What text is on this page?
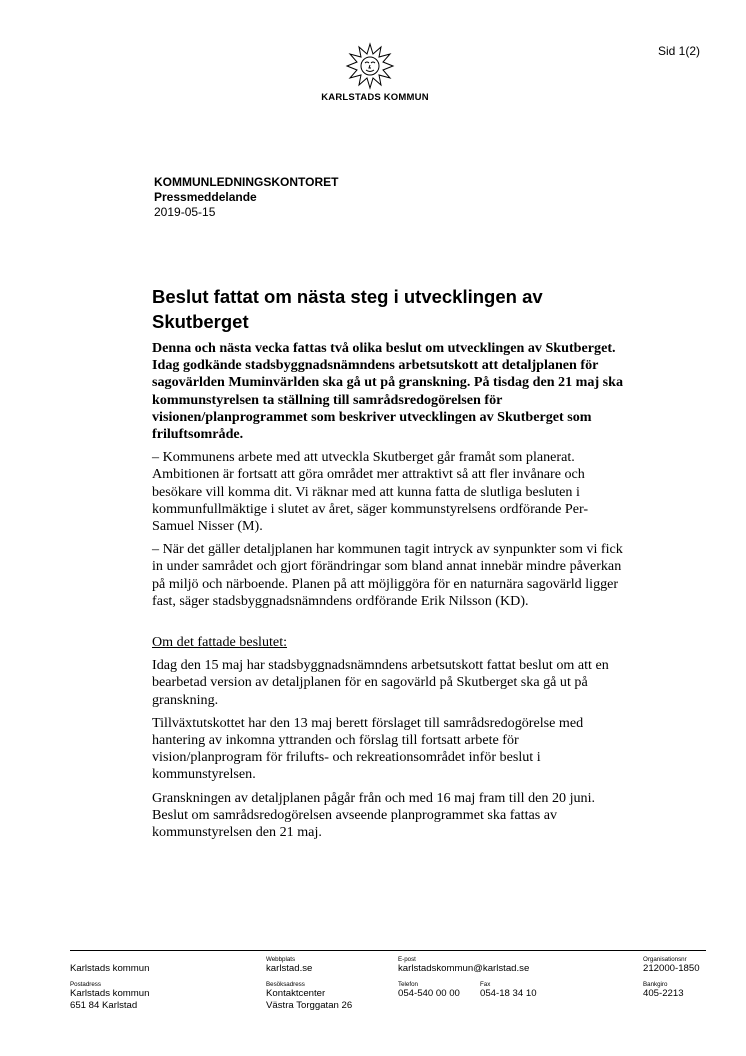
Sid 1(2)
KARLSTADS KOMMUN
KOMMUNLEDNINGSKONTORET
Pressmeddelande
2019-05-15
Beslut fattat om nästa steg i utvecklingen av Skutberget

Denna och nästa vecka fattas två olika beslut om utvecklingen av Skutberget. Idag godkände stadsbyggnadsnämndens arbetsutskott att detaljplanen för sagovärlden Muminvärlden ska gå ut på granskning. På tisdag den 21 maj ska kommunstyrelsen ta ställning till samrådsredogörelsen för visionen/planprogrammet som beskriver utvecklingen av Skutberget som friluftsområde.

– Kommunens arbete med att utveckla Skutberget går framåt som planerat. Ambitionen är fortsatt att göra området mer attraktivt så att fler invånare och besökare vill komma dit. Vi räknar med att kunna fatta de slutliga besluten i kommunfullmäktige i slutet av året, säger kommunstyrelsens ordförande Per-Samuel Nisser (M).

– När det gäller detaljplanen har kommunen tagit intryck av synpunkter som vi fick in under samrådet och gjort förändringar som bland annat innebär mindre påverkan på miljö och närboende. Planen på att möjliggöra för en naturnära sagovärld ligger fast, säger stadsbyggnadsnämndens ordförande Erik Nilsson (KD).

Om det fattade beslutet:

Idag den 15 maj har stadsbyggnadsnämndens arbetsutskott fattat beslut om att en bearbetad version av detaljplanen för en sagovärld på Skutberget ska gå ut på granskning.

Tillväxtutskottet har den 13 maj berett förslaget till samrådsredogörelse med hantering av inkomna yttranden och förslag till fortsatt arbete för vision/planprogram för frilufts- och rekreationsområdet inför beslut i kommunstyrelsen.

Granskningen av detaljplanen pågår från och med 16 maj fram till den 20 juni. Beslut om samrådsredogörelsen avseende planprogrammet ska fattas av kommunstyrelsen den 21 maj.

Karlstads kommun
Webbplats
karlstad.se
E-post
karlstadskommun@karlstad.se
Organisationsnr
212000-1850
Postadress
Karlstads kommun
651 84 Karlstad
Besöksadress
Kontaktcenter
Västra Torggatan 26
Telefon
054-540 00 00
Fax
054-18 34 10
Bankgiro
405-2213
